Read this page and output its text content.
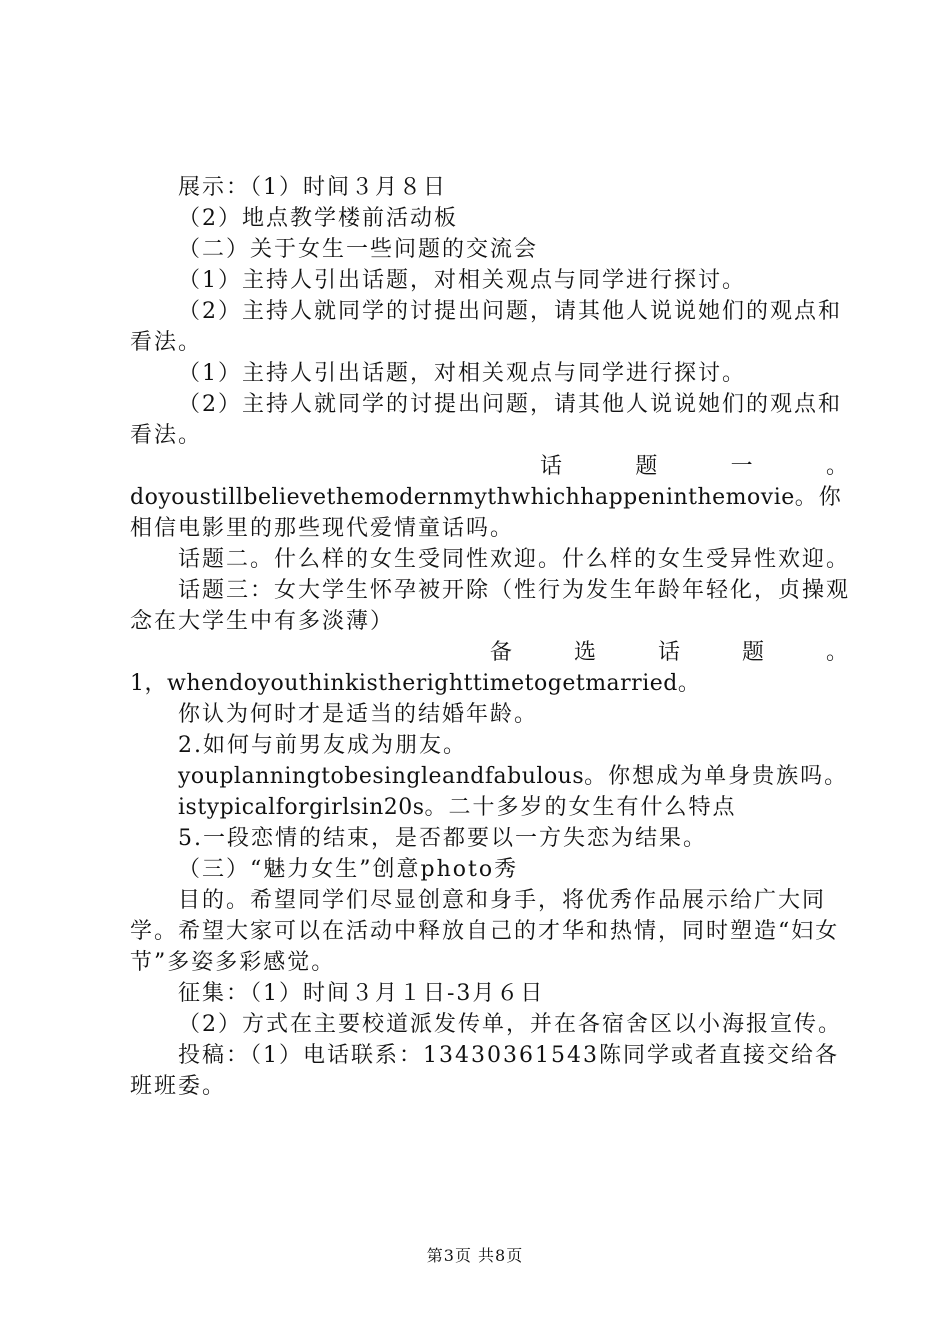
展示：（1）时间３月８日

（2）地点教学楼前活动板

（二）关于女生一些问题的交流会

（1）主持人引出话题，对相关观点与同学进行探讨。

（2）主持人就同学的讨提出问题，请其他人说说她们的观点和看法。

（1）主持人引出话题，对相关观点与同学进行探讨。

（2）主持人就同学的讨提出问题，请其他人说说她们的观点和看法。

话	题	一	。

doyoustillbelievethemodernmythwhichhappeninthemovie。你相信电影里的那些现代爱情童话吗。

话题二。什么样的女生受同性欢迎。什么样的女生受异性欢迎。

话题三：女大学生怀孕被开除（性行为发生年龄年轻化，贞操观念在大学生中有多淡薄）

备	选	话	题	。

1，whendoyouthinkistherighttimetogetmarried。

你认为何时才是适当的结婚年龄。

2.如何与前男友成为朋友。

youplanningtobesingleandfabulous。你想成为单身贵族吗。

istypicalforgirlsin20s。二十多岁的女生有什么特点

5.一段恋情的结束，是否都要以一方失恋为结果。

（三）“魅力女生”创意photo秀

目的。希望同学们尽显创意和身手，将优秀作品展示给广大同学。希望大家可以在活动中释放自己的才华和热情，同时塑造“妇女节”多姿多彩感觉。

征集：（1）时间３月１日-3月６日

（2）方式在主要校道派发传单，并在各宿舍区以小海报宣传。

投稿：（1）电话联系：13430361543陈同学或者直接交给各班班委。

第3页 共8页
